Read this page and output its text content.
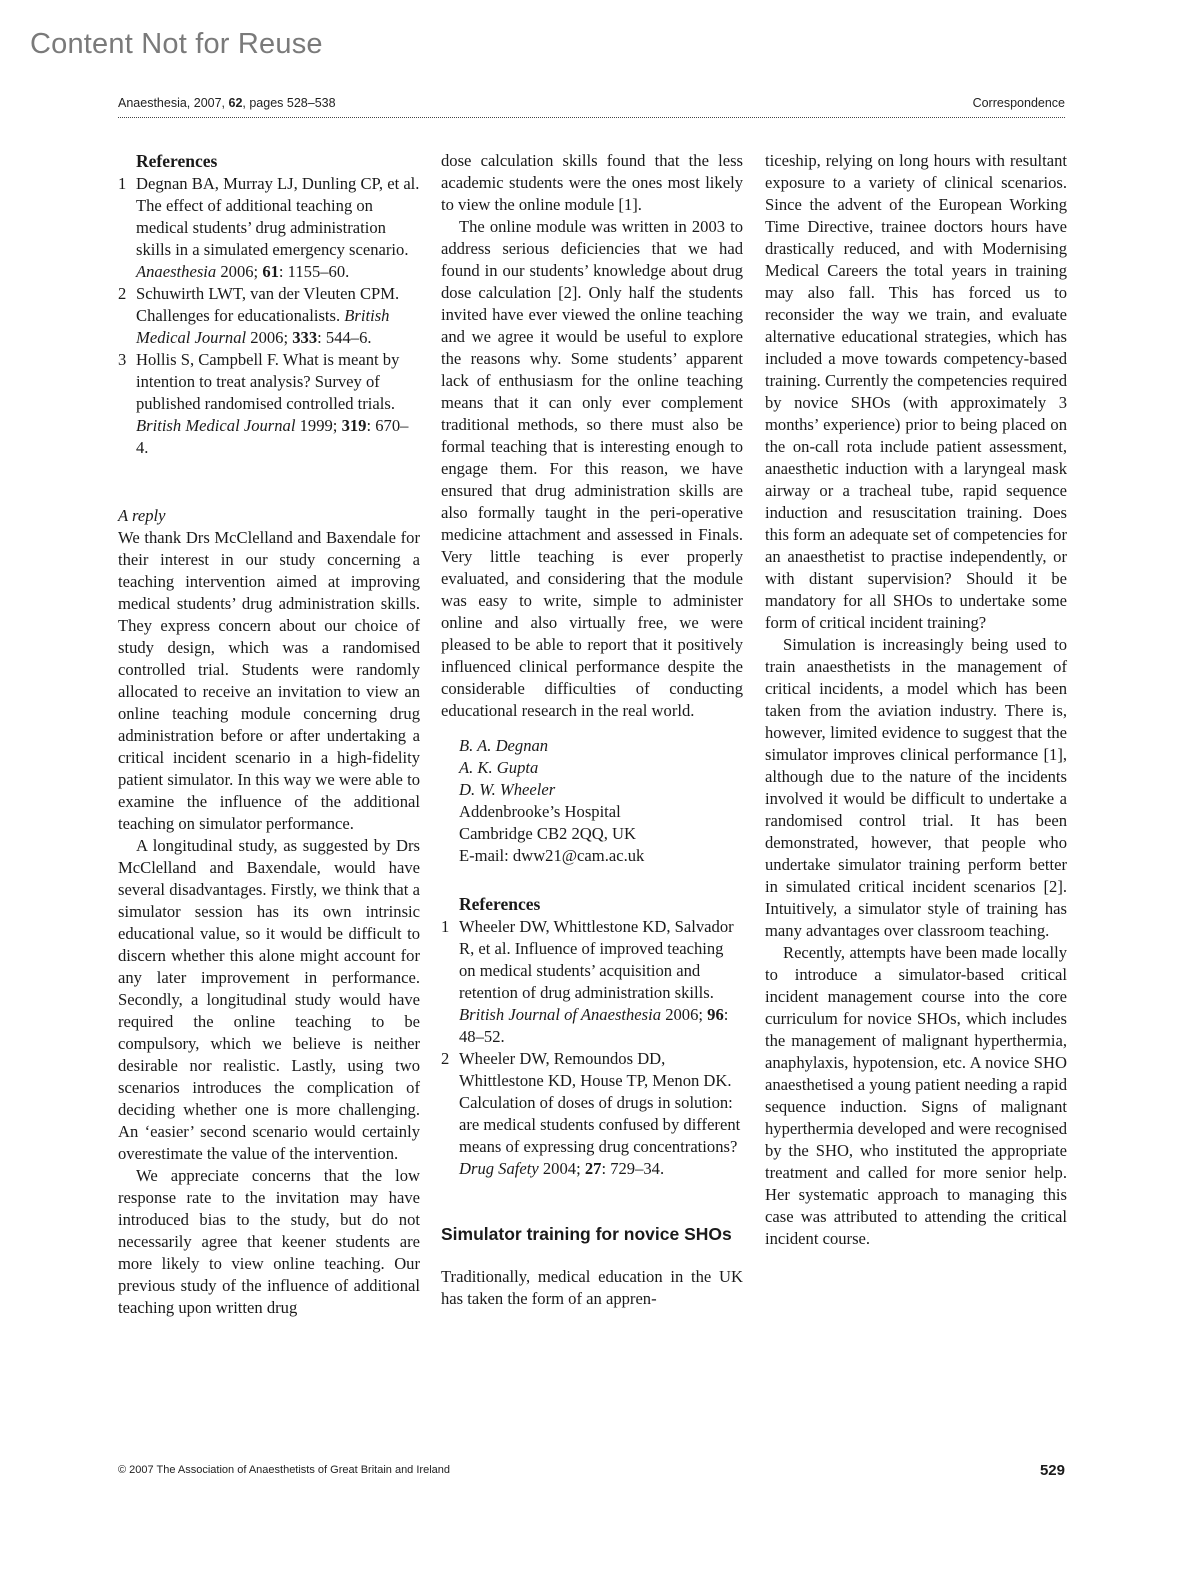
Content Not for Reuse
Anaesthesia, 2007, 62, pages 528–538	Correspondence
References
1 Degnan BA, Murray LJ, Dunling CP, et al. The effect of additional teaching on medical students’ drug administration skills in a simulated emergency scenario. Anaesthesia 2006; 61: 1155–60.
2 Schuwirth LWT, van der Vleuten CPM. Challenges for educationalists. British Medical Journal 2006; 333: 544–6.
3 Hollis S, Campbell F. What is meant by intention to treat analysis? Survey of published randomised controlled trials. British Medical Journal 1999; 319: 670–4.
A reply

We thank Drs McClelland and Baxendale for their interest in our study concerning a teaching intervention aimed at improving medical students’ drug administration skills. They express concern about our choice of study design, which was a randomised controlled trial. Students were randomly allocated to receive an invitation to view an online teaching module concerning drug administration before or after undertaking a critical incident scenario in a high-fidelity patient simulator. In this way we were able to examine the influence of the additional teaching on simulator performance.

A longitudinal study, as suggested by Drs McClelland and Baxendale, would have several disadvantages. Firstly, we think that a simulator session has its own intrinsic educational value, so it would be difficult to discern whether this alone might account for any later improvement in performance. Secondly, a longitudinal study would have required the online teaching to be compulsory, which we believe is neither desirable nor realistic. Lastly, using two scenarios introduces the complication of deciding whether one is more challenging. An ‘easier’ second scenario would certainly overestimate the value of the intervention.

We appreciate concerns that the low response rate to the invitation may have introduced bias to the study, but do not necessarily agree that keener students are more likely to view online teaching. Our previous study of the influence of additional teaching upon written drug

dose calculation skills found that the less academic students were the ones most likely to view the online module [1].

The online module was written in 2003 to address serious deficiencies that we had found in our students’ knowledge about drug dose calculation [2]. Only half the students invited have ever viewed the online teaching and we agree it would be useful to explore the reasons why. Some students’ apparent lack of enthusiasm for the online teaching means that it can only ever complement traditional methods, so there must also be formal teaching that is interesting enough to engage them. For this reason, we have ensured that drug administration skills are also formally taught in the peri-operative medicine attachment and assessed in Finals. Very little teaching is ever properly evaluated, and considering that the module was easy to write, simple to administer online and also virtually free, we were pleased to be able to report that it positively influenced clinical performance despite the considerable difficulties of conducting educational research in the real world.

B. A. Degnan
A. K. Gupta
D. W. Wheeler
Addenbrooke’s Hospital
Cambridge CB2 2QQ, UK
E-mail: dww21@cam.ac.uk
References
1 Wheeler DW, Whittlestone KD, Salvador R, et al. Influence of improved teaching on medical students’ acquisition and retention of drug administration skills. British Journal of Anaesthesia 2006; 96: 48–52.
2 Wheeler DW, Remoundos DD, Whittlestone KD, House TP, Menon DK. Calculation of doses of drugs in solution: are medical students confused by different means of expressing drug concentrations? Drug Safety 2004; 27: 729–34.
Simulator training for novice SHOs

Traditionally, medical education in the UK has taken the form of an appren-

ticeship, relying on long hours with resultant exposure to a variety of clinical scenarios. Since the advent of the European Working Time Directive, trainee doctors hours have drastically reduced, and with Modernising Medical Careers the total years in training may also fall. This has forced us to reconsider the way we train, and evaluate alternative educational strategies, which has included a move towards competency-based training. Currently the competencies required by novice SHOs (with approximately 3 months’ experience) prior to being placed on the on-call rota include patient assessment, anaesthetic induction with a laryngeal mask airway or a tracheal tube, rapid sequence induction and resuscitation training. Does this form an adequate set of competencies for an anaesthetist to practise independently, or with distant supervision? Should it be mandatory for all SHOs to undertake some form of critical incident training?

Simulation is increasingly being used to train anaesthetists in the management of critical incidents, a model which has been taken from the aviation industry. There is, however, limited evidence to suggest that the simulator improves clinical performance [1], although due to the nature of the incidents involved it would be difficult to undertake a randomised control trial. It has been demonstrated, however, that people who undertake simulator training perform better in simulated critical incident scenarios [2]. Intuitively, a simulator style of training has many advantages over classroom teaching.

Recently, attempts have been made locally to introduce a simulator-based critical incident management course into the core curriculum for novice SHOs, which includes the management of malignant hyperthermia, anaphylaxis, hypotension, etc. A novice SHO anaesthetised a young patient needing a rapid sequence induction. Signs of malignant hyperthermia developed and were recognised by the SHO, who instituted the appropriate treatment and called for more senior help. Her systematic approach to managing this case was attributed to attending the critical incident course.

© 2007 The Association of Anaesthetists of Great Britain and Ireland	529
